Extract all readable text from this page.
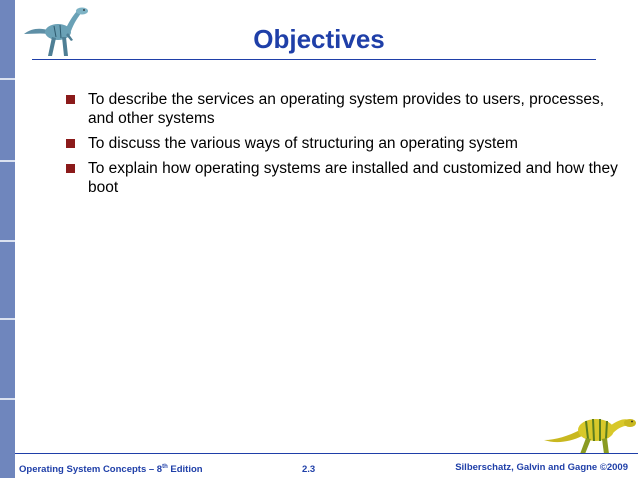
Objectives
To describe the services an operating system provides to users, processes, and other systems
To discuss the various ways of structuring an operating system
To explain how operating systems are installed and customized and how they boot
Operating System Concepts – 8th Edition	2.3	Silberschatz, Galvin and Gagne ©2009
